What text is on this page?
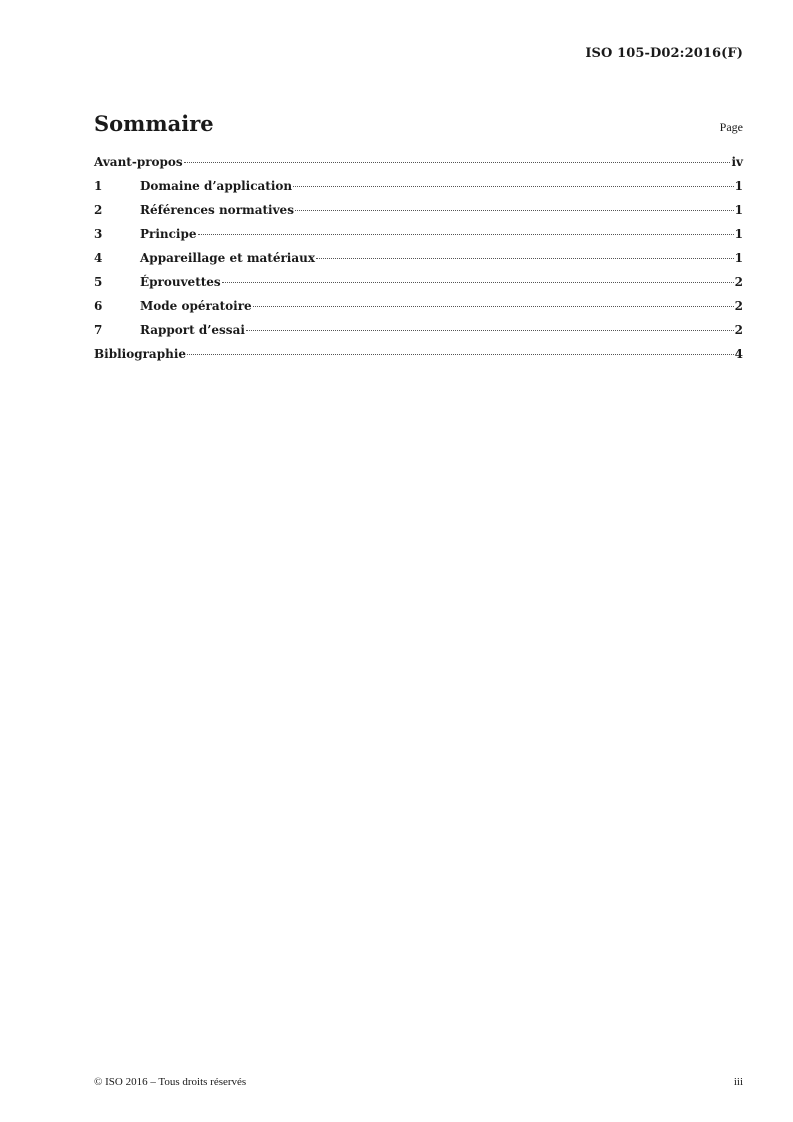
ISO 105-D02:2016(F)
Sommaire	Page
Avant-propos	iv
1	Domaine d’application	1
2	Références normatives	1
3	Principe	1
4	Appareillage et matériaux	1
5	Éprouvettes	2
6	Mode opératoire	2
7	Rapport d’essai	2
Bibliographie	4
© ISO 2016 – Tous droits réservés	iii
